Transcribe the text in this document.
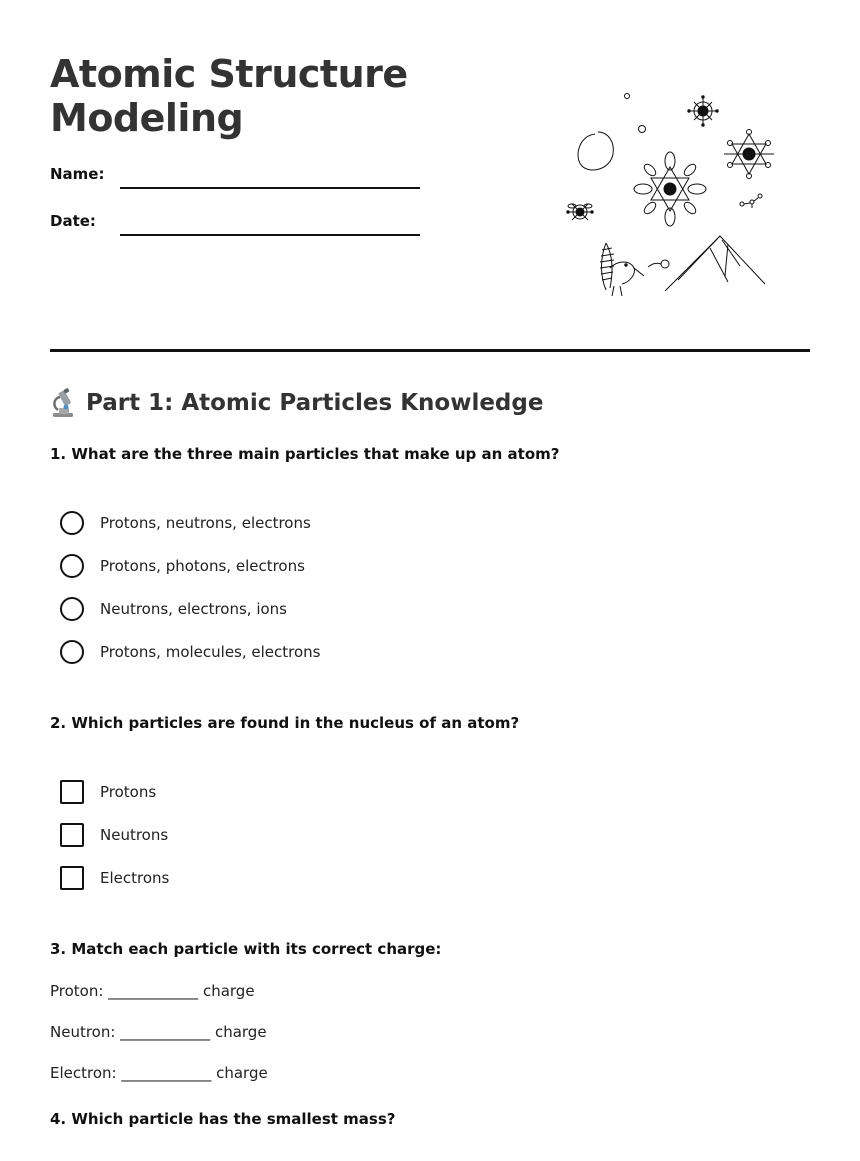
Atomic Structure Modeling
Name:
Date:
Part 1: Atomic Particles Knowledge

1. What are the three main particles that make up an atom?

Protons, neutrons, electrons
Protons, photons, electrons
Neutrons, electrons, ions
Protons, molecules, electrons

2. Which particles are found in the nucleus of an atom?

Protons
Neutrons
Electrons

3. Match each particle with its correct charge:

Proton: ____________ charge

Neutron: ____________ charge

Electron: ____________ charge

4. Which particle has the smallest mass?
